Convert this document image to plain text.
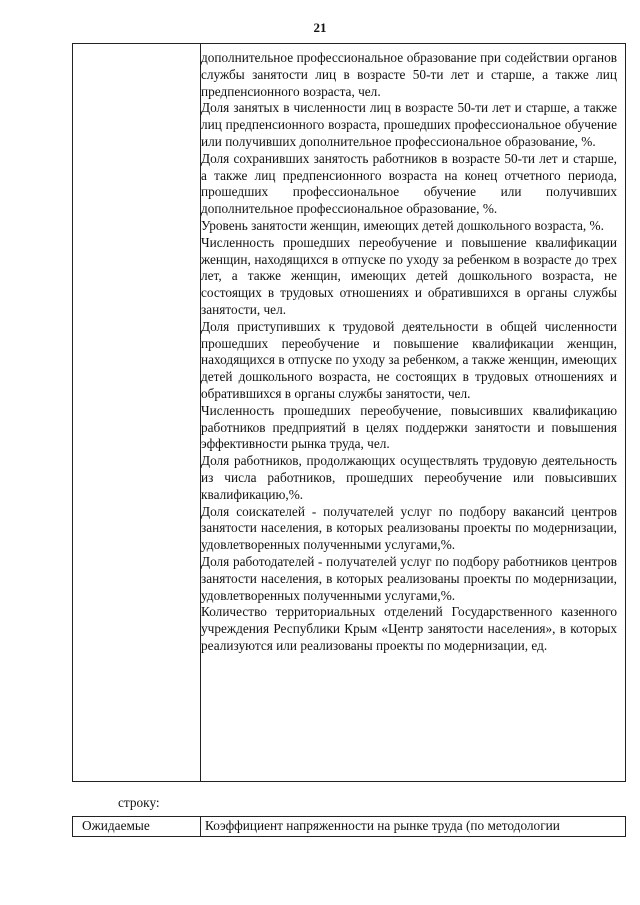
21

дополнительное профессиональное образование при содействии органов службы занятости лиц в возрасте 50-ти лет и старше, а также лиц предпенсионного возраста, чел.

Доля занятых в численности лиц в возрасте 50-ти лет и старше, а также лиц предпенсионного возраста, прошедших профессиональное обучение или получивших дополнительное профессиональное образование, %.

Доля сохранивших занятость работников в возрасте 50-ти лет и старше, а также лиц предпенсионного возраста на конец отчетного периода, прошедших профессиональное обучение или получивших дополнительное профессиональное образование, %.

Уровень занятости женщин, имеющих детей дошкольного возраста, %.

Численность прошедших переобучение и повышение квалификации женщин, находящихся в отпуске по уходу за ребенком в возрасте до трех лет, а также женщин, имеющих детей дошкольного возраста, не состоящих в трудовых отношениях и обратившихся в органы службы занятости, чел.

Доля приступивших к трудовой деятельности в общей численности прошедших переобучение и повышение квалификации женщин, находящихся в отпуске по уходу за ребенком, а также женщин, имеющих детей дошкольного возраста, не состоящих в трудовых отношениях и обратившихся в органы службы занятости, чел.

Численность прошедших переобучение, повысивших квалификацию работников предприятий в целях поддержки занятости и повышения эффективности рынка труда, чел.

Доля работников, продолжающих осуществлять трудовую деятельность из числа работников, прошедших переобучение или повысивших квалификацию,%.

Доля соискателей - получателей услуг по подбору вакансий центров занятости населения, в которых реализованы проекты по модернизации, удовлетворенных полученными услугами,%.

Доля работодателей - получателей услуг по подбору работников центров занятости населения, в которых реализованы проекты по модернизации, удовлетворенных полученными услугами,%.

Количество территориальных отделений Государственного казенного учреждения Республики Крым «Центр занятости населения», в которых реализуются или реализованы проекты по модернизации, ед.

строку:
Ожидаемые	Коэффициент напряженности на рынке труда (по методологии
